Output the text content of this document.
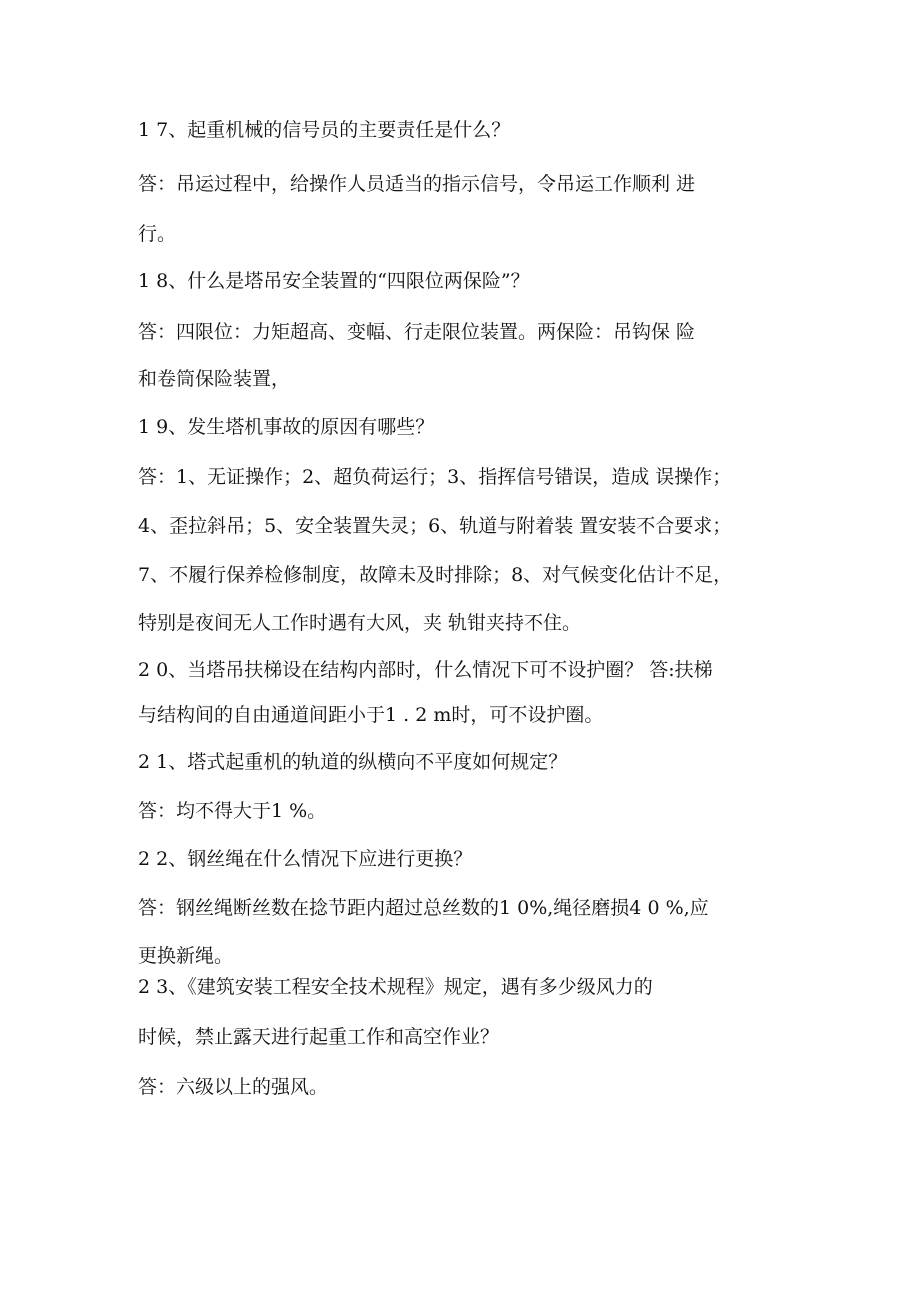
1 7、起重机械的信号员的主要责任是什么？
答：吊运过程中，给操作人员适当的指示信号，令吊运工作顺利 进
行。
1 8、什么是塔吊安全装置的“四限位两保险”？
答：四限位：力矩超高、变幅、行走限位装置。两保险：吊钩保 险
和卷筒保险装置，
1 9、发生塔机事故的原因有哪些？
答：1、无证操作；2、超负荷运行；3、指挥信号错误，造成 误操作；
4、歪拉斜吊；5、安全装置失灵；6、轨道与附着装 置安装不合要求；
7、不履行保养检修制度，故障未及时排除；8、对气候变化估计不足，
特别是夜间无人工作时遇有大风，夹 轨钳夹持不住。
2 0、当塔吊扶梯设在结构内部时，什么情况下可不设护圈？ 答:扶梯
与结构间的自由通道间距小于1 . 2 m时，可不设护圈。
2 1、塔式起重机的轨道的纵横向不平度如何规定？
答：均不得大于1 %。
2 2、钢丝绳在什么情况下应进行更换？
答：钢丝绳断丝数在捻节距内超过总丝数的1 0%,绳径磨损4 0 %,应
更换新绳。
2 3、《建筑安装工程安全技术规程》规定，遇有多少级风力的
时候，禁止露天进行起重工作和高空作业？
答：六级以上的强风。
